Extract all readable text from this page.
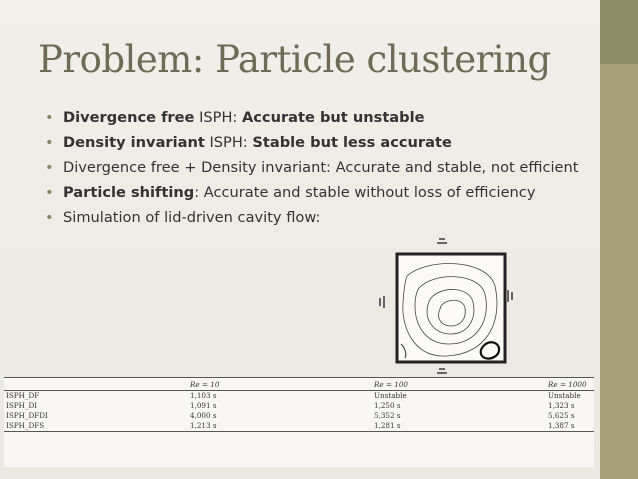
Problem: Particle clustering
• Divergence free ISPH: Accurate but unstable
• Density invariant ISPH: Stable but less accurate
• Divergence free + Density invariant: Accurate and stable, not efficient
• Particle shifting: Accurate and stable without loss of efficiency
• Simulation of lid-driven cavity flow:
	Re = 10	Re = 100	Re = 1000
ISPH_DF	1,103 s	Unstable	Unstable
ISPH_DI	1,091 s	1,250 s	1,323 s
ISPH_DFDI	4,000 s	5,352 s	5,625 s
ISPH_DFS	1,213 s	1,281 s	1,387 s
